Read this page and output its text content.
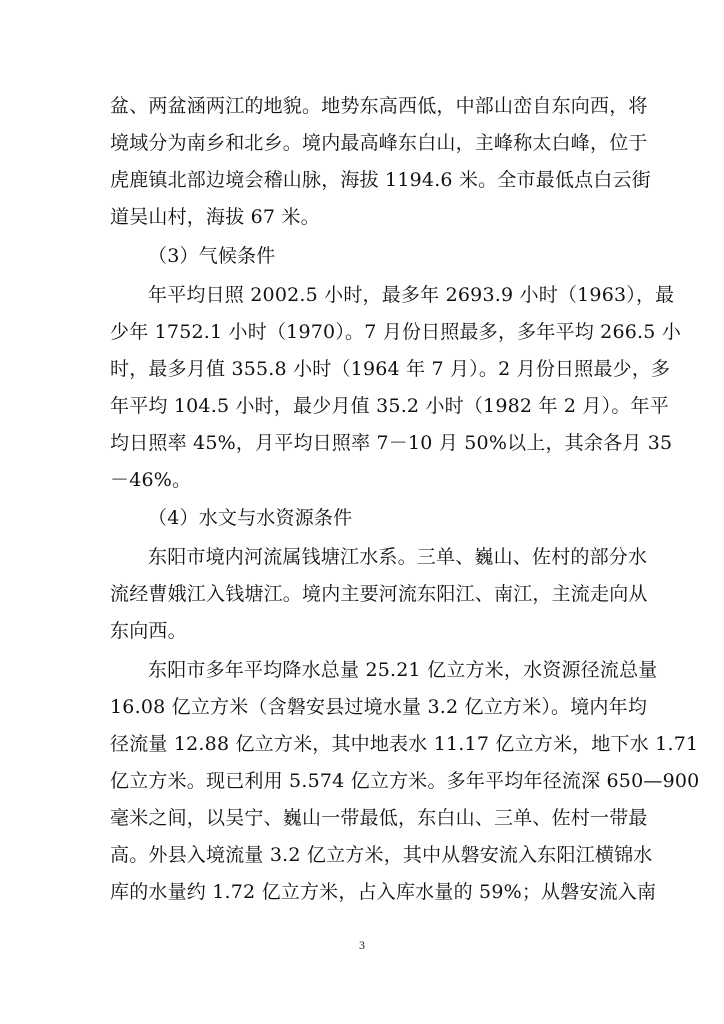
盆、两盆涵两江的地貌。地势东高西低，中部山峦自东向西，将
境域分为南乡和北乡。境内最高峰东白山，主峰称太白峰，位于
虎鹿镇北部边境会稽山脉，海拔 1194.6 米。全市最低点白云街
道吴山村，海拔 67 米。
（3）气候条件
年平均日照 2002.5 小时，最多年 2693.9 小时（1963），最
少年 1752.1 小时（1970）。7 月份日照最多，多年平均 266.5 小
时，最多月值 355.8 小时（1964 年 7 月）。2 月份日照最少，多
年平均 104.5 小时，最少月值 35.2 小时（1982 年 2 月）。年平
均日照率 45%，月平均日照率 7－10 月 50%以上，其余各月 35
－46%。
（4）水文与水资源条件
东阳市境内河流属钱塘江水系。三单、巍山、佐村的部分水
流经曹娥江入钱塘江。境内主要河流东阳江、南江，主流走向从
东向西。
东阳市多年平均降水总量 25.21 亿立方米，水资源径流总量
16.08 亿立方米（含磐安县过境水量 3.2 亿立方米）。境内年均
径流量 12.88 亿立方米，其中地表水 11.17 亿立方米，地下水 1.71
亿立方米。现已利用 5.574 亿立方米。多年平均年径流深 650—900
毫米之间，以吴宁、巍山一带最低，东白山、三单、佐村一带最
高。外县入境流量 3.2 亿立方米，其中从磐安流入东阳江横锦水
库的水量约 1.72 亿立方米，占入库水量的 59%；从磐安流入南
3
